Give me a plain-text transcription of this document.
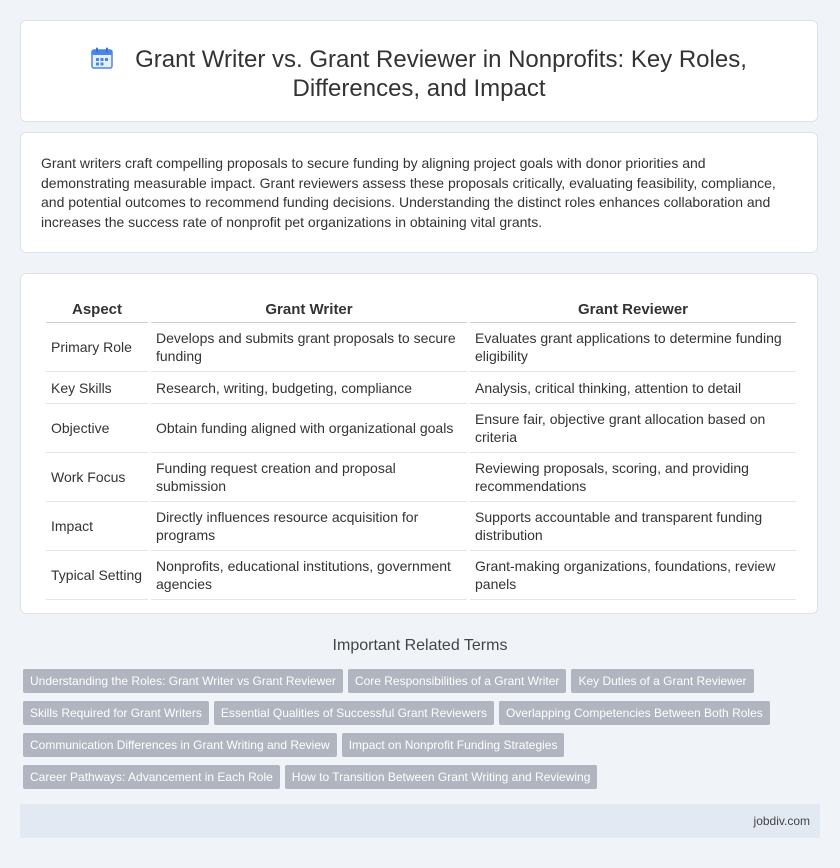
Grant Writer vs. Grant Reviewer in Nonprofits: Key Roles,
Differences, and Impact
Grant writers craft compelling proposals to secure funding by aligning project goals with donor priorities and demonstrating measurable impact. Grant reviewers assess these proposals critically, evaluating feasibility, compliance, and potential outcomes to recommend funding decisions. Understanding the distinct roles enhances collaboration and increases the success rate of nonprofit pet organizations in obtaining vital grants.
Aspect	Grant Writer	Grant Reviewer
Primary Role	Develops and submits grant proposals to secure funding	Evaluates grant applications to determine funding eligibility
Key Skills	Research, writing, budgeting, compliance	Analysis, critical thinking, attention to detail
Objective	Obtain funding aligned with organizational goals	Ensure fair, objective grant allocation based on criteria
Work Focus	Funding request creation and proposal submission	Reviewing proposals, scoring, and providing recommendations
Impact	Directly influences resource acquisition for programs	Supports accountable and transparent funding distribution
Typical Setting	Nonprofits, educational institutions, government agencies	Grant-making organizations, foundations, review panels
Important Related Terms
Understanding the Roles: Grant Writer vs Grant Reviewer Core Responsibilities of a Grant Writer Key Duties of a Grant Reviewer
Skills Required for Grant Writers Essential Qualities of Successful Grant Reviewers Overlapping Competencies Between Both Roles
Communication Differences in Grant Writing and Review Impact on Nonprofit Funding Strategies
Career Pathways: Advancement in Each Role How to Transition Between Grant Writing and Reviewing
jobdiv.com
